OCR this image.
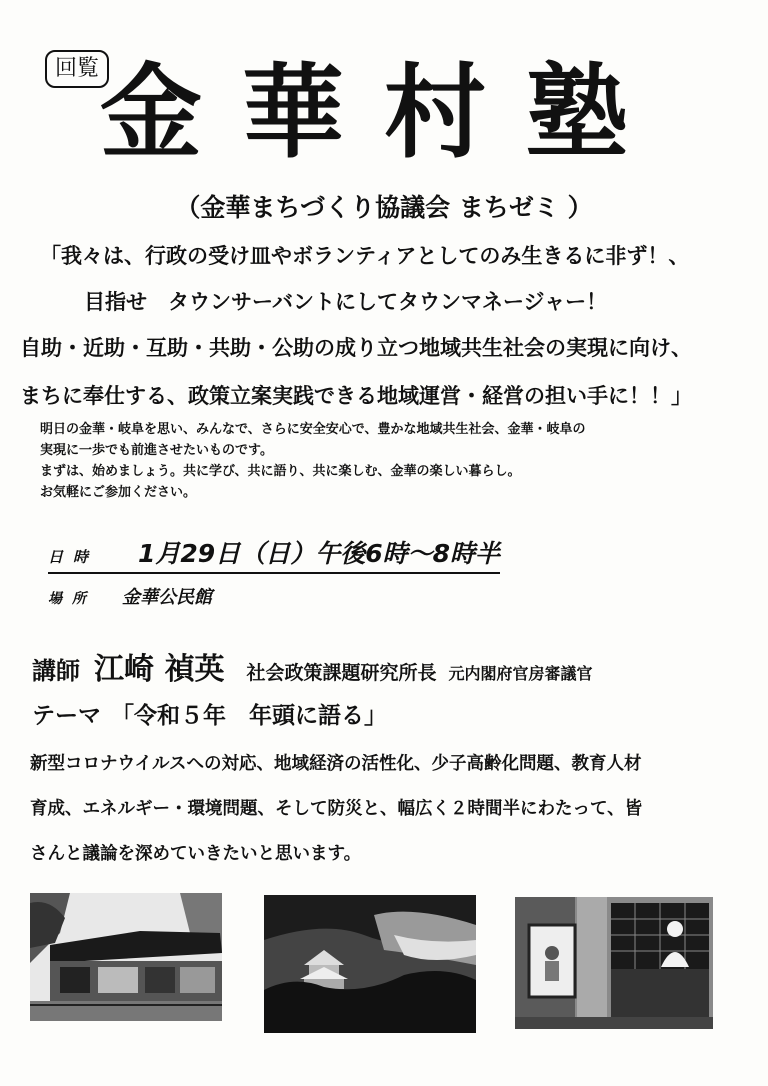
回覧 金華村塾
（金華まちづくり協議会 まちゼミ ）
「我々は、行政の受け皿やボランティアとしてのみ生きるに非ず！、
目指せ　タウンサーバントにしてタウンマネージャー！
自助・近助・互助・共助・公助の成り立つ地域共生社会の実現に向け、
まちに奉仕する、政策立案実践できる地域運営・経営の担い手に！！」
明日の金華・岐阜を思い、みんなで、さらに安全安心で、豊かな地域共生社会、金華・岐阜の
実現に一歩でも前進させたいものです。
まずは、始めましょう。共に学び、共に語り、共に楽しむ、金華の楽しい暮らし。
お気軽にご参加ください。
日時 1月29日（日）午後6時～8時半
場所 金華公民館
講師 江崎 禎英 社会政策課題研究所長 元内閣府官房審議官
テーマ 「令和５年　年頭に語る」
新型コロナウイルスへの対応、地域経済の活性化、少子高齢化問題、教育人材
育成、エネルギー・環境問題、そして防災と、幅広く２時間半にわたって、皆
さんと議論を深めていきたいと思います。
